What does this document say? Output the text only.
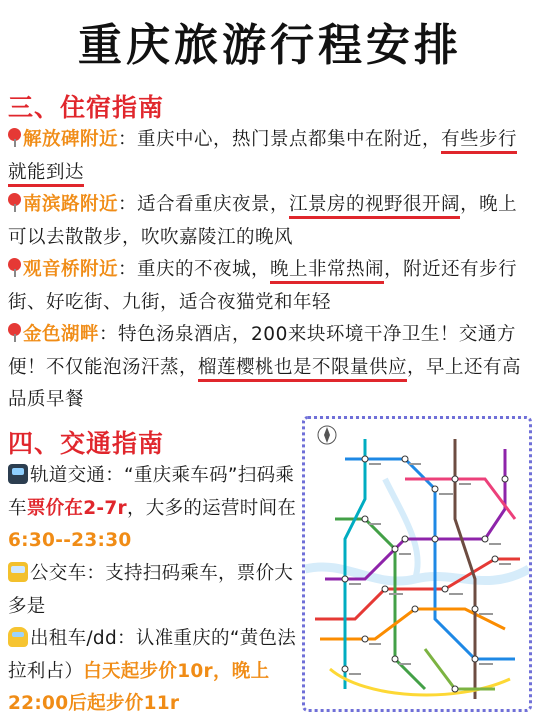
重庆旅游行程安排
三、住宿指南
解放碑附近：重庆中心，热门景点都集中在附近，有些步行就能到达
南滨路附近：适合看重庆夜景，江景房的视野很开阔，晚上可以去散散步，吹吹嘉陵江的晚风
观音桥附近：重庆的不夜城，晚上非常热闹，附近还有步行街、好吃街、九街，适合夜猫党和年轻
金色湖畔：特色汤泉酒店，200来块环境干净卫生！交通方便！不仅能泡汤汗蒸，榴莲樱桃也是不限量供应，早上还有高品质早餐
四、交通指南
轨道交通：“重庆乘车码”扫码乘车票价在2-7r，大多的运营时间在6:30--23:30
公交车：支持扫码乘车，票价大多是
出租车/dd：认准重庆的“黄色法拉利占）白天起步价10r，晚上22:00后起步价11r
